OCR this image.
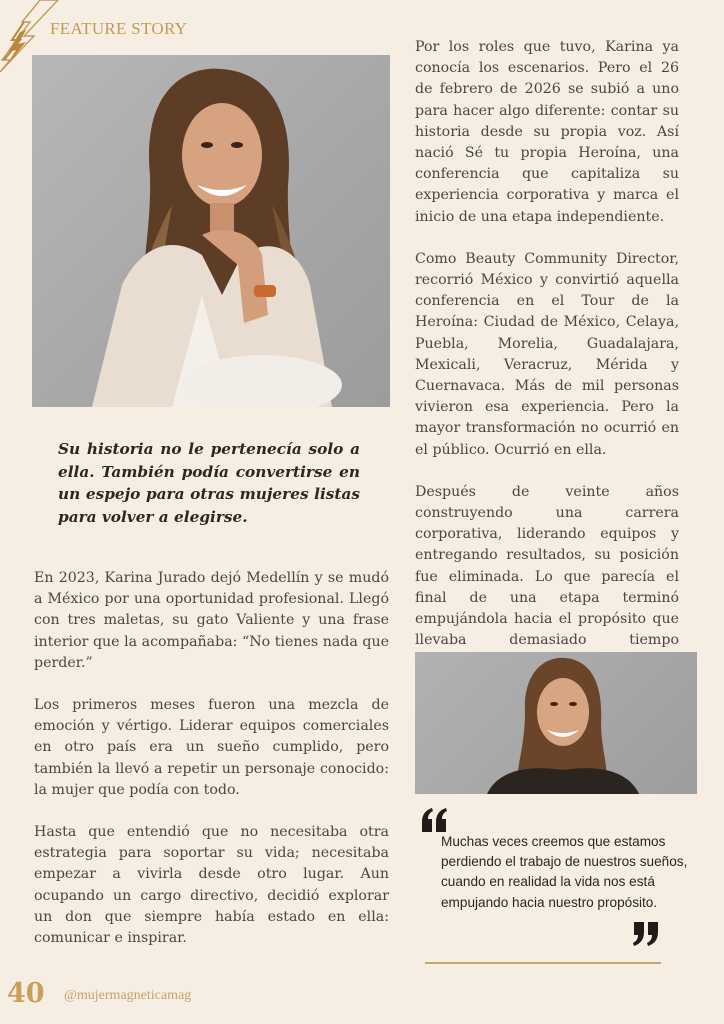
FEATURE STORY
Su historia no le pertenecía solo a ella. También podía convertirse en un espejo para otras mujeres listas para volver a elegirse.

En 2023, Karina Jurado dejó Medellín y se mudó a México por una oportunidad profesional. Llegó con tres maletas, su gato Valiente y una frase interior que la acompañaba: “No tienes nada que perder.”

Los primeros meses fueron una mezcla de emoción y vértigo. Liderar equipos comerciales en otro país era un sueño cumplido, pero también la llevó a repetir un personaje conocido: la mujer que podía con todo.

Hasta que entendió que no necesitaba otra estrategia para soportar su vida; necesitaba empezar a vivirla desde otro lugar. Aun ocupando un cargo directivo, decidió explorar un don que siempre había estado en ella: comunicar e inspirar.

Por los roles que tuvo, Karina ya conocía los escenarios. Pero el 26 de febrero de 2026 se subió a uno para hacer algo diferente: contar su historia desde su propia voz. Así nació Sé tu propia Heroína, una conferencia que capitaliza su experiencia corporativa y marca el inicio de una etapa independiente.

Como Beauty Community Director, recorrió México y convirtió aquella conferencia en el Tour de la Heroína: Ciudad de México, Celaya, Puebla, Morelia, Guadalajara, Mexicali, Veracruz, Mérida y Cuernavaca. Más de mil personas vivieron esa experiencia. Pero la mayor transformación no ocurrió en el público. Ocurrió en ella.

Después de veinte años construyendo una carrera corporativa, liderando equipos y entregando resultados, su posición fue eliminada. Lo que parecía el final de una etapa terminó empujándola hacia el propósito que llevaba demasiado tiempo

Muchas veces creemos que estamos perdiendo el trabajo de nuestros sueños, cuando en realidad la vida nos está empujando hacia nuestro propósito.
40 @mujermagneticamag
